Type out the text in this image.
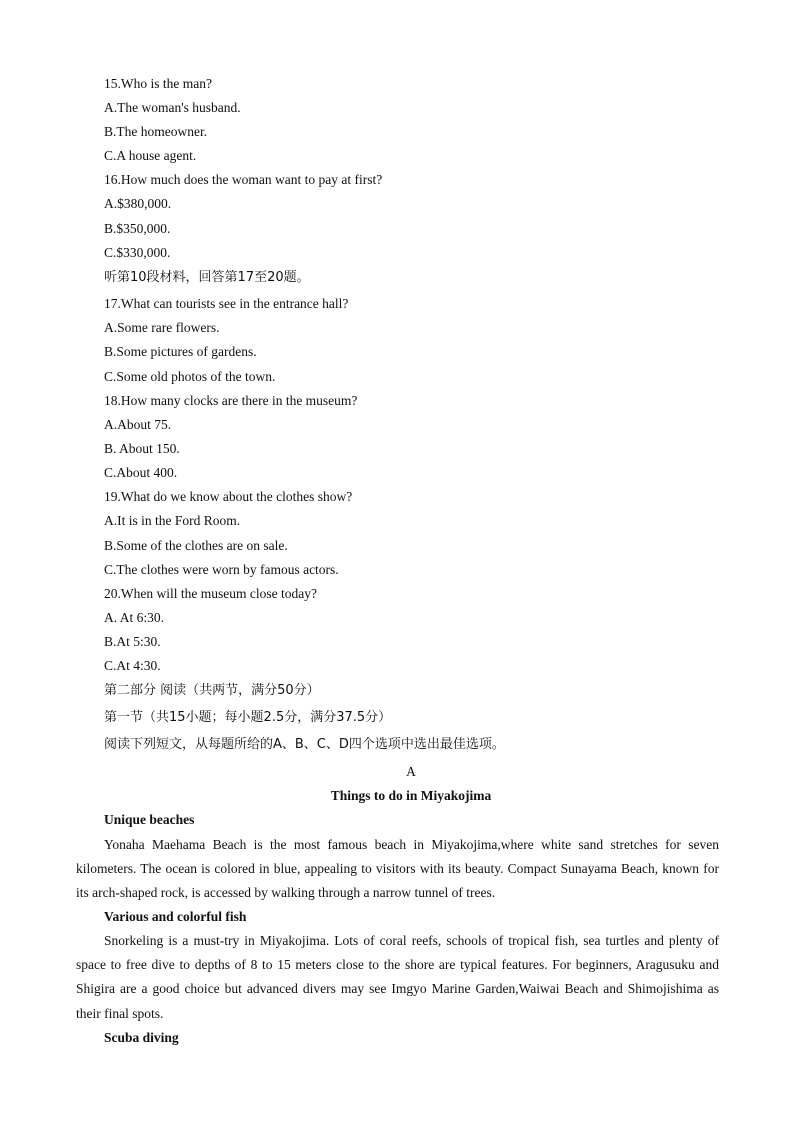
15.Who is the man?
A.The woman's husband.
B.The homeowner.
C.A house agent.
16.How much does the woman want to pay at first?
A.$380,000.
B.$350,000.
C.$330,000.
听第10段材料，回答第17至20题。
17.What can tourists see in the entrance hall?
A.Some rare flowers.
B.Some pictures of gardens.
C.Some old photos of the town.
18.How many clocks are there in the museum?
A.About 75.
B. About 150.
C.About 400.
19.What do we know about the clothes show?
A.It is in the Ford Room.
B.Some of the clothes are on sale.
C.The clothes were worn by famous actors.
20.When will the museum close today?
A. At 6:30.
B.At 5:30.
C.At 4:30.
第二部分 阅读（共两节，满分50分）
第一节（共15小题；每小题2.5分，满分37.5分）
阅读下列短文，从每题所给的A、B、C、D四个选项中选出最佳选项。
A
Things to do in Miyakojima
Unique beaches
Yonaha Maehama Beach is the most famous beach in Miyakojima,where white sand stretches for seven kilometers. The ocean is colored in blue, appealing to visitors with its beauty. Compact Sunayama Beach, known for its arch-shaped rock, is accessed by walking through a narrow tunnel of trees.
Various and colorful fish
Snorkeling is a must-try in Miyakojima. Lots of coral reefs, schools of tropical fish, sea turtles and plenty of space to free dive to depths of 8 to 15 meters close to the shore are typical features. For beginners, Aragusuku and Shigira are a good choice but advanced divers may see Imgyo Marine Garden,Waiwai Beach and Shimojishima as their final spots.
Scuba diving
